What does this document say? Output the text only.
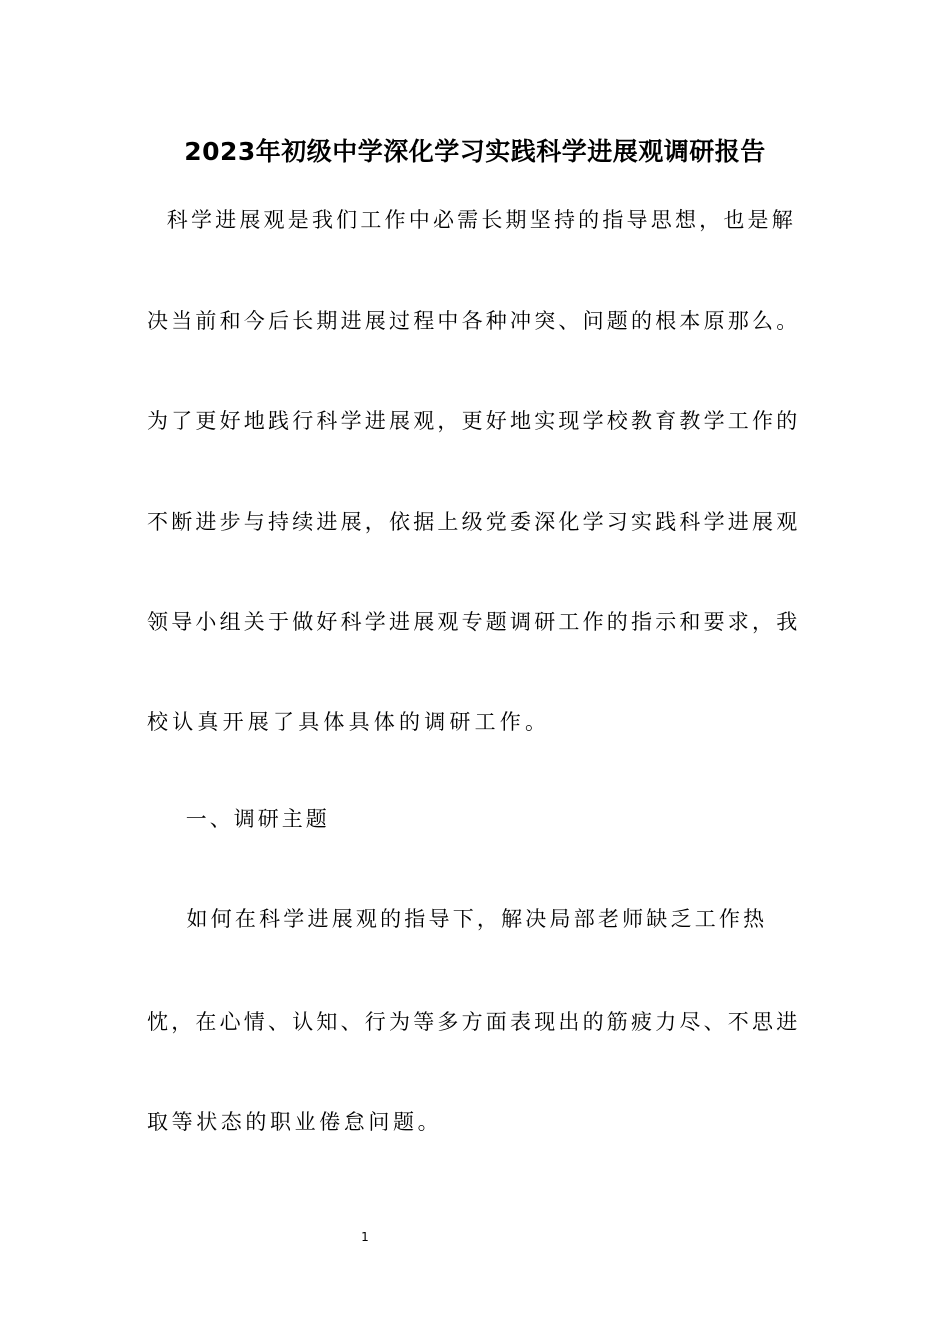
2023年初级中学深化学习实践科学进展观调研报告
科学进展观是我们工作中必需长期坚持的指导思想，也是解
决当前和今后长期进展过程中各种冲突、问题的根本原那么。
为了更好地践行科学进展观，更好地实现学校教育教学工作的
不断进步与持续进展，依据上级党委深化学习实践科学进展观
领导小组关于做好科学进展观专题调研工作的指示和要求，我
校认真开展了具体具体的调研工作。
一、调研主题
如何在科学进展观的指导下，解决局部老师缺乏工作热
忱，在心情、认知、行为等多方面表现出的筋疲力尽、不思进
取等状态的职业倦怠问题。
1
